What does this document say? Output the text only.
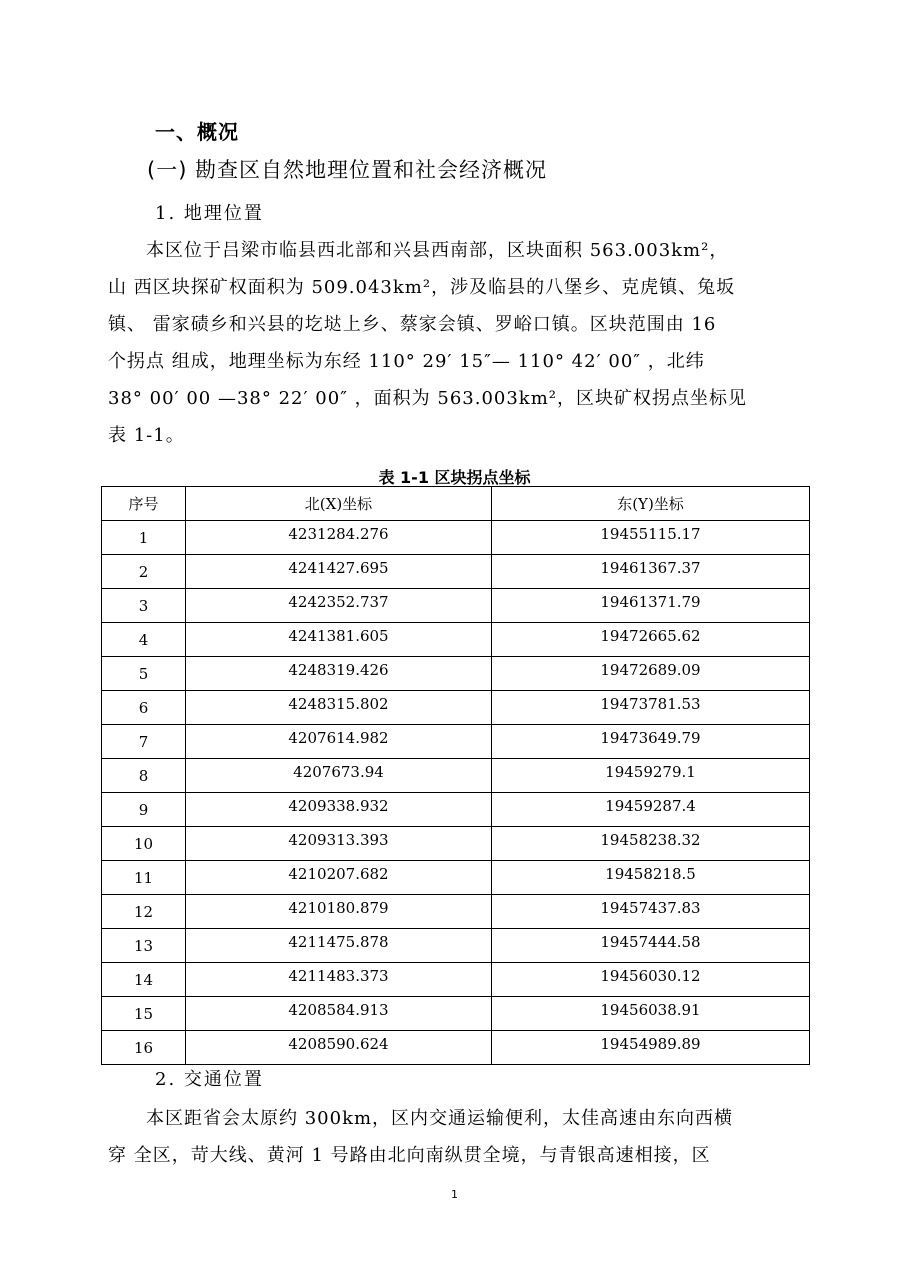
一、概况
(一) 勘查区自然地理位置和社会经济概况
1. 地理位置
　　本区位于吕梁市临县西北部和兴县西南部，区块面积 563.003km²，
山 西区块探矿权面积为 509.043km²，涉及临县的八堡乡、克虎镇、兔坂
镇、 雷家碛乡和兴县的圪垯上乡、蔡家会镇、罗峪口镇。区块范围由 16
个拐点 组成，地理坐标为东经 110° 29′ 15″— 110° 42′ 00″ ，北纬
38° 00′ 00 —38° 22′ 00″ ，面积为 563.003km²，区块矿权拐点坐标见
表 1-1。
表 1-1 区块拐点坐标
序号	北(X)坐标	东(Y)坐标
1	4231284.276	19455115.17
2	4241427.695	19461367.37
3	4242352.737	19461371.79
4	4241381.605	19472665.62
5	4248319.426	19472689.09
6	4248315.802	19473781.53
7	4207614.982	19473649.79
8	4207673.94	19459279.1
9	4209338.932	19459287.4
10	4209313.393	19458238.32
11	4210207.682	19458218.5
12	4210180.879	19457437.83
13	4211475.878	19457444.58
14	4211483.373	19456030.12
15	4208584.913	19456038.91
16	4208590.624	19454989.89
2. 交通位置
　　本区距省会太原约 300km，区内交通运输便利，太佳高速由东向西横
穿 全区，苛大线、黄河 1 号路由北向南纵贯全境，与青银高速相接，区
1
